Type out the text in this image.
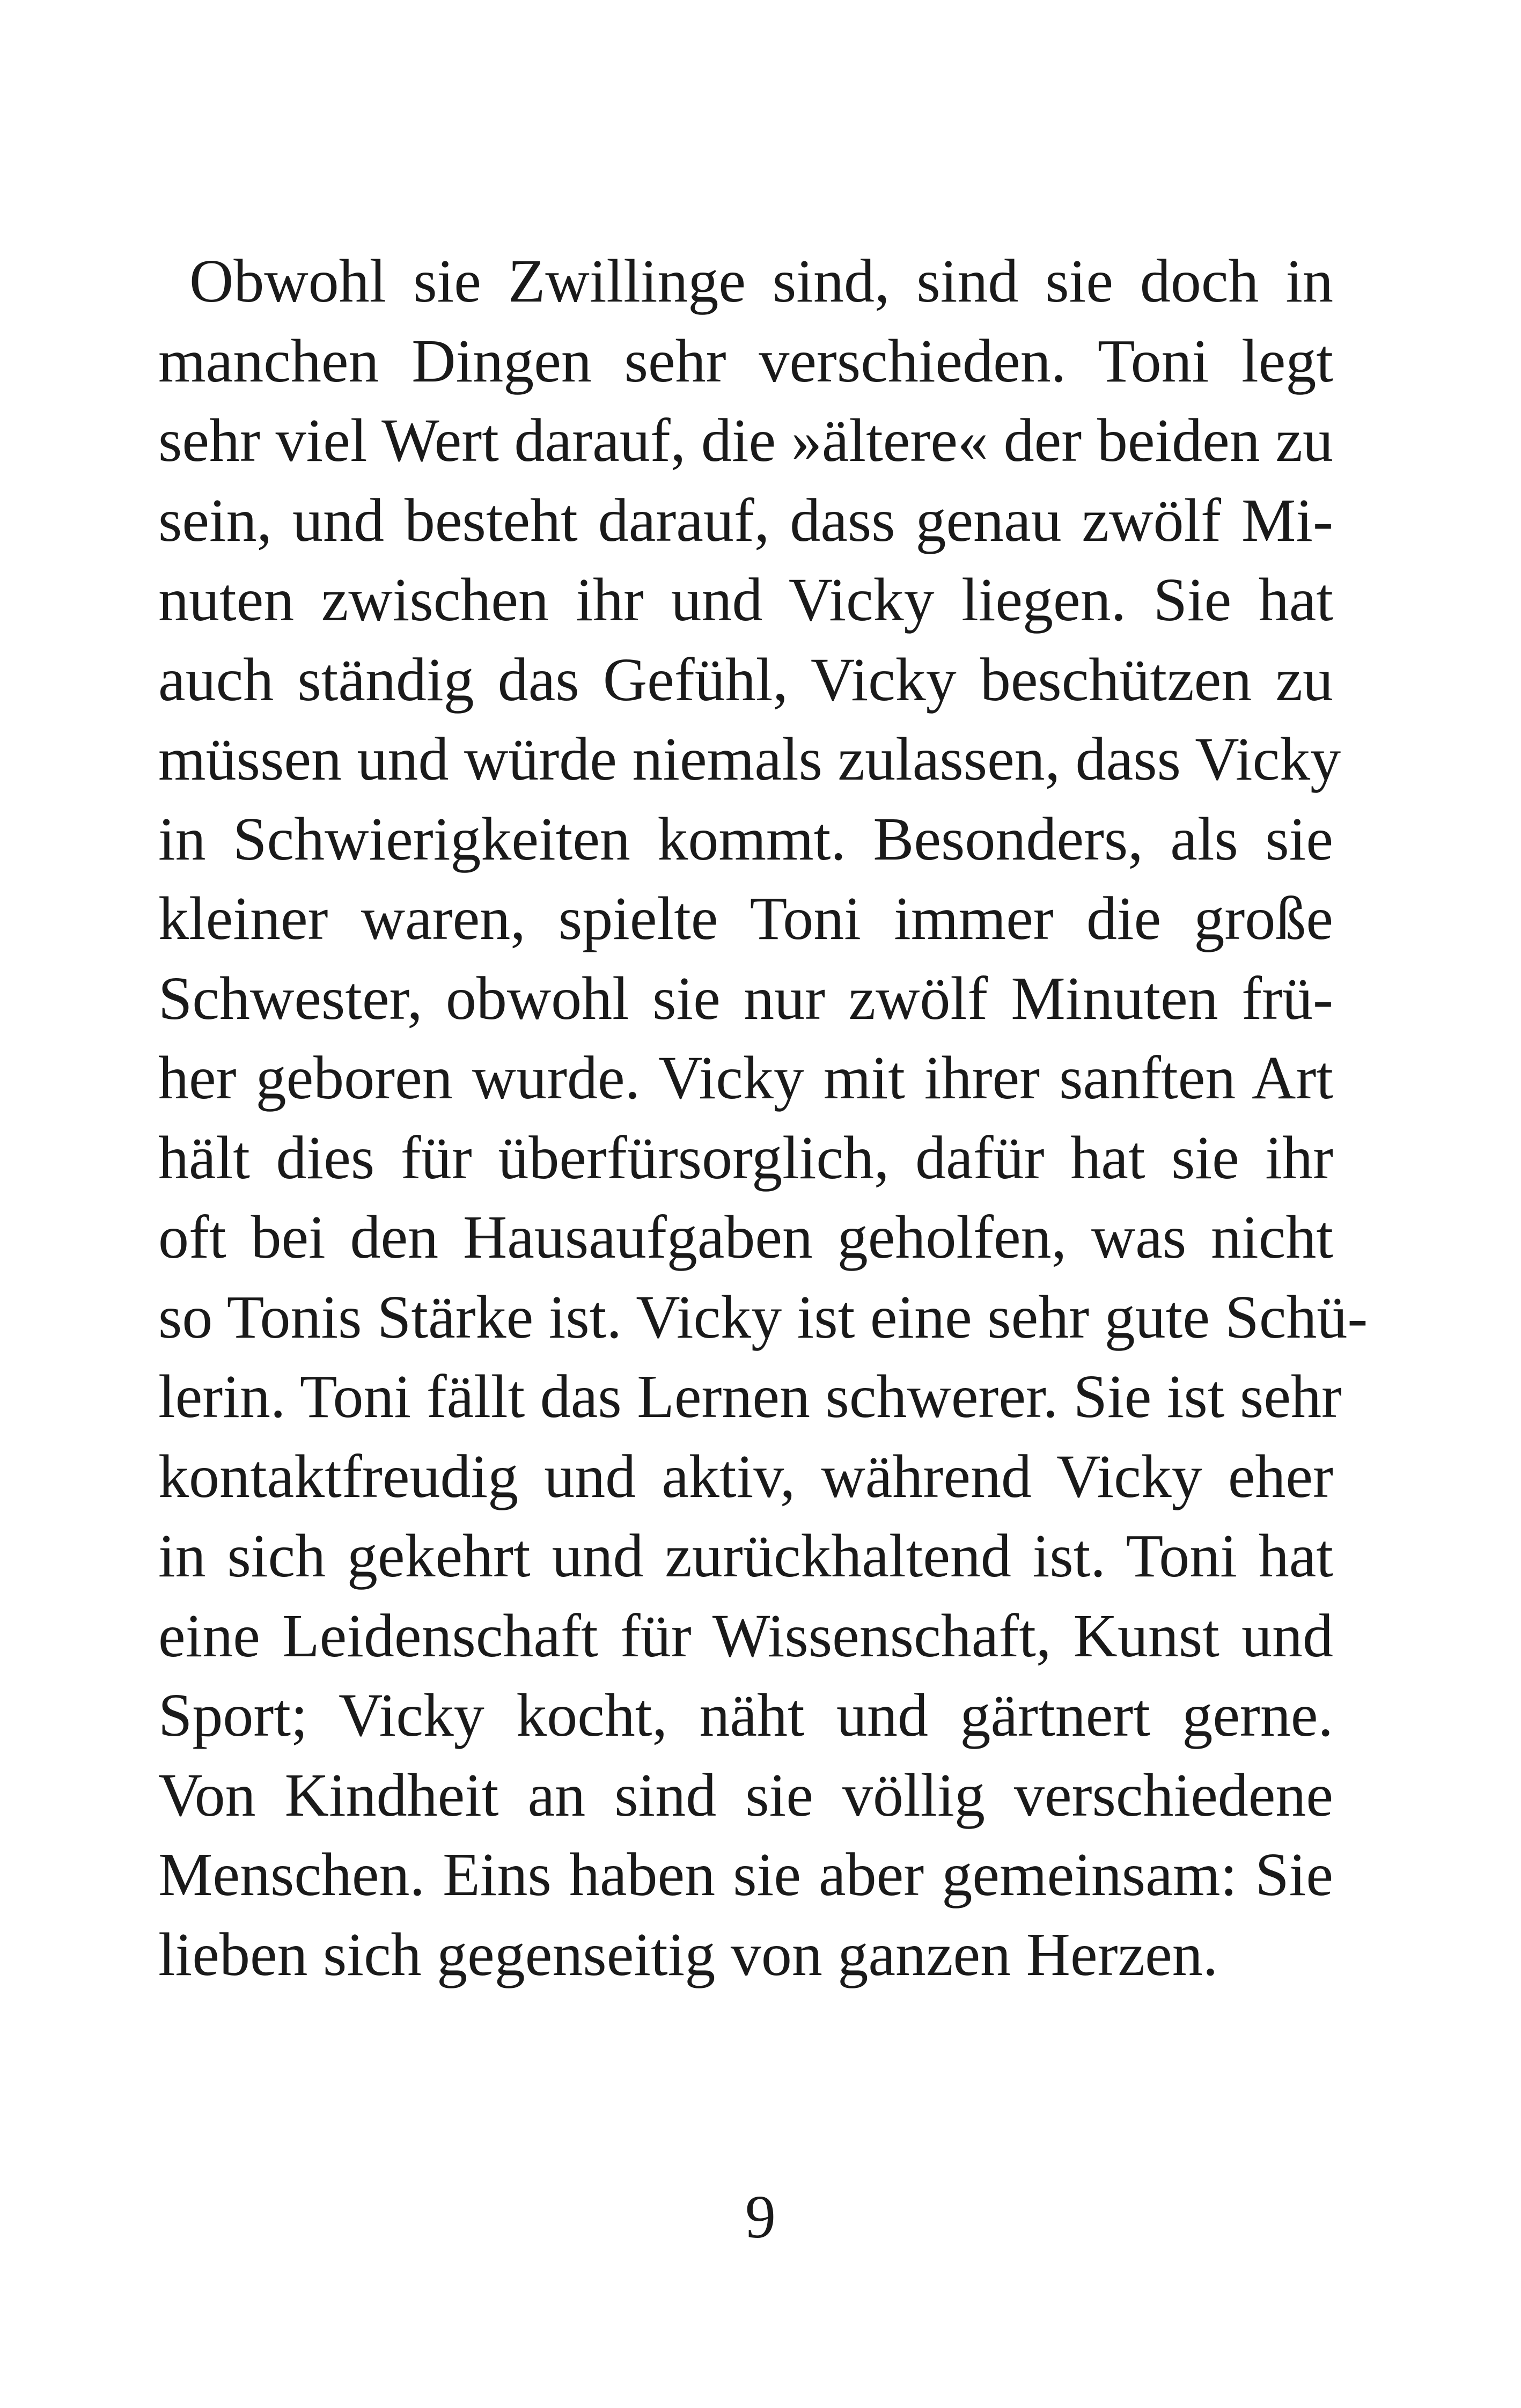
Obwohl sie Zwillinge sind, sind sie doch in
manchen Dingen sehr verschieden. Toni legt
sehr viel Wert darauf, die »ältere« der beiden zu
sein, und besteht darauf, dass genau zwölf Mi-
nuten zwischen ihr und Vicky liegen. Sie hat
auch ständig das Gefühl, Vicky beschützen zu
müssen und würde niemals zulassen, dass Vicky
in Schwierigkeiten kommt. Besonders, als sie
kleiner waren, spielte Toni immer die große
Schwester, obwohl sie nur zwölf Minuten frü-
her geboren wurde. Vicky mit ihrer sanften Art
hält dies für überfürsorglich, dafür hat sie ihr
oft bei den Hausaufgaben geholfen, was nicht
so Tonis Stärke ist. Vicky ist eine sehr gute Schü-
lerin. Toni fällt das Lernen schwerer. Sie ist sehr
kontaktfreudig und aktiv, während Vicky eher
in sich gekehrt und zurückhaltend ist. Toni hat
eine Leidenschaft für Wissenschaft, Kunst und
Sport; Vicky kocht, näht und gärtnert gerne.
Von Kindheit an sind sie völlig verschiedene
Menschen. Eins haben sie aber gemeinsam: Sie
lieben sich gegenseitig von ganzen Herzen.
9
